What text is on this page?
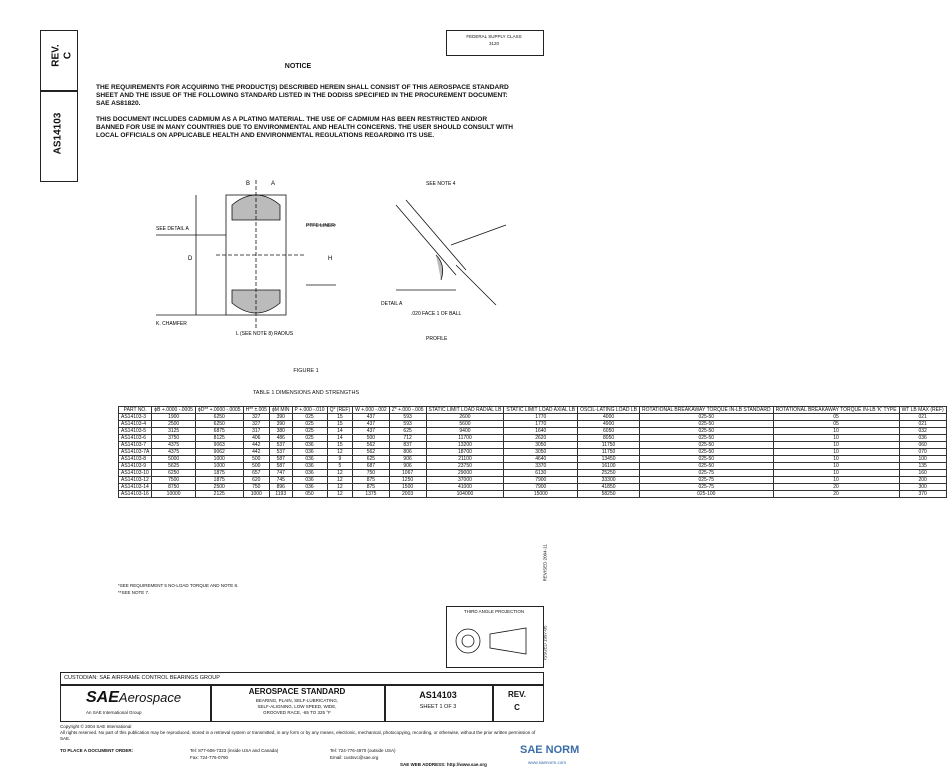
REV. C
AS14103
ISSUED 1997-05
REVISED 2004-11
FEDERAL SUPPLY CLASS
3120
NOTICE

THE REQUIREMENTS FOR ACQUIRING THE PRODUCT(S) DESCRIBED HEREIN SHALL CONSIST OF THIS AEROSPACE STANDARD SHEET AND THE ISSUE OF THE FOLLOWING STANDARD LISTED IN THE DODISS SPECIFIED IN THE PROCUREMENT DOCUMENT: SAE AS81820.

THIS DOCUMENT INCLUDES CADMIUM AS A PLATING MATERIAL. THE USE OF CADMIUM HAS BEEN RESTRICTED AND/OR BANNED FOR USE IN MANY COUNTRIES DUE TO ENVIRONMENTAL AND HEALTH CONCERNS. THE USER SHOULD CONSULT WITH LOCAL OFFICIALS ON APPLICABLE HEALTH AND ENVIRONMENTAL REGULATIONS REGARDING ITS USE.

B	A
D	H
PTFE LINER
SEE DETAIL A
K. CHAMFER
L (SEE NOTE 8) RADIUS
SEE NOTE 4
DETAIL A
.020 FACE 1 OF BALL
PROFILE
FIGURE 1
TABLE 1 DIMENSIONS AND STRENGTHS
PART NO.	ϕB +.0000 -.0005	ϕD** +.0000 -.0005	H** ±.005	ϕM MIN	P +.000 -.010	Q* (REF)	W +.000 -.002	Z* +.000 -.005	STATIC LIMIT LOAD RADIAL LB	STATIC LIMIT LOAD AXIAL LB	OSCIL-LATING LOAD LB	ROTATIONAL BREAKAWAY TORQUE IN-LB STANDARD	ROTATIONAL BREAKAWAY TORQUE IN-LB 'K' TYPE	WT LB MAX (REF)
AS14103-3	1900	6250	327	390	025	15	437	593	2600	1770	4000	025-50	05	021
AS14103-4	2500	6250	327	390	025	15	437	593	5600	1770	4900	025-50	05	021
AS14103-5	3125	6875	317	380	025	14	437	625	9400	1640	6050	025-50	10	032
AS14103-6	3750	8125	406	486	025	14	500	712	11700	2620	8050	025-50	10	036
AS14103-7	4375	9063	442	537	036	15	562	837	13200	3050	11750	025-50	10	060
AS14103-7A	4375	9062	442	537	036	12	562	806	18700	3050	11750	025-50	10	070
AS14103-8	5000	1000	500	587	036	9	625	906	21100	4640	13450	025-50	10	100
AS14103-9	5625	1000	500	587	036	5	687	906	23750	3370	16100	025-50	10	135
AS14103-10	6250	1875	657	747	036	12	750	1067	29000	6130	25250	025-75	10	160
AS14103-12	7500	1875	620	745	036	12	875	1250	37000	7900	33300	025-75	10	200
AS14103-14	8750	2500	750	896	036	12	875	1500	41000	7900	41850	025-75	20	300
AS14103-16	10000	2125	1000	1193	050	12	1375	2003	104000	15000	58250	025-100	20	370
*SEE REQUIREMENT 5 NO-LOAD TORQUE AND NOTE 8.
**SEE NOTE 7.
THIRD ANGLE PROJECTION
CUSTODIAN: SAE AIRFRAME CONTROL BEARINGS GROUP
SAEAerospace
An SAE International Group
AEROSPACE STANDARD
BEARING, PLAIN, SELF-LUBRICATING,
SELF-ALIGNING, LOW SPEED, WIDE,
GROOVED RACE, -65 TO 325 °F
AS14103
SHEET 1 OF 3
REV.
C
Copyright © 2004 SAE International
All rights reserved. No part of this publication may be reproduced, stored in a retrieval system or transmitted, in any form or by any means, electronic, mechanical, photocopying, recording, or otherwise, without the prior written permission of SAE.
TO PLACE A DOCUMENT ORDER:	Tel: 877-606-7323 (inside USA and Canada)	Tel: 724-776-4970 (outside USA)
Fax: 724-776-0790	Email: custsvc@sae.org
SAE WEB ADDRESS: http://www.sae.org
SAE NORM
www.saenorm.com
